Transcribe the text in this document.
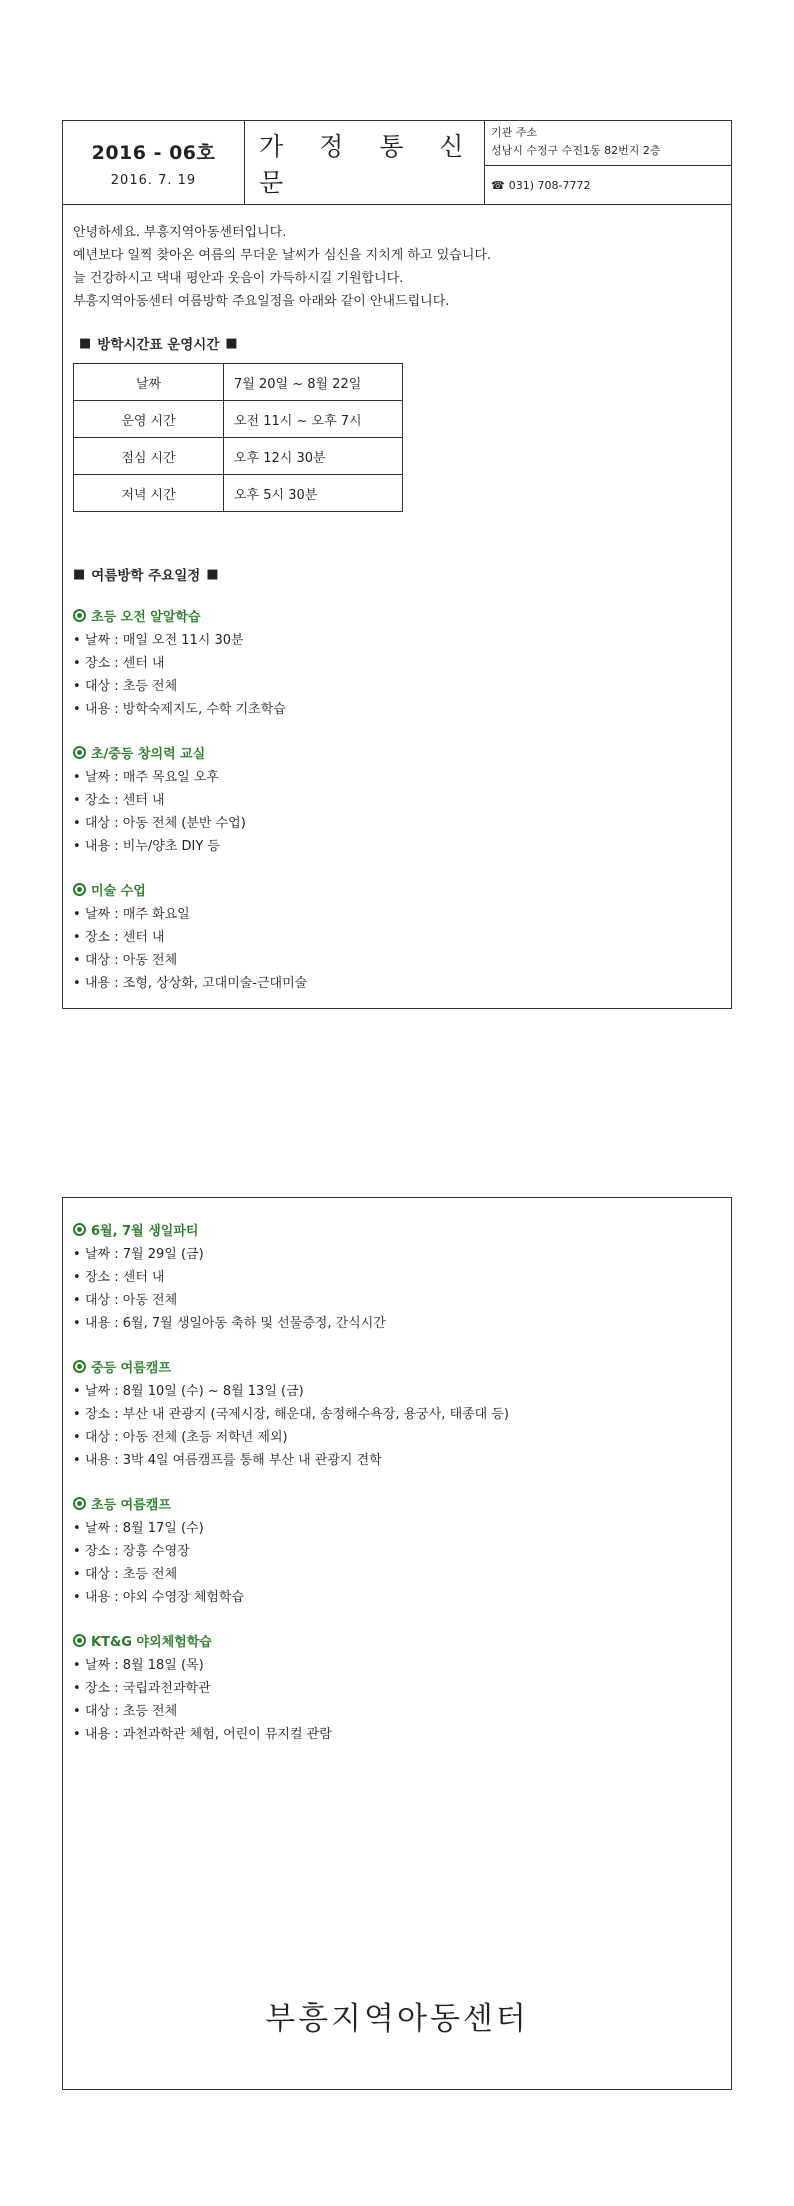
2016 - 06호
2016. 7. 19
가 정 통 신 문
기관 주소
성남시 수정구 수진1동 82번지 2층
☎ 031) 708-7772

안녕하세요. 부흥지역아동센터입니다.

예년보다 일찍 찾아온 여름의 무더운 날씨가 심신을 지치게 하고 있습니다.

늘 건강하시고 댁내 평안과 웃음이 가득하시길 기원합니다.

부흥지역아동센터 여름방학 주요일정을 아래와 같이 안내드립니다.

■ 방학시간표 운영시간 ■
날짜	7월 20일 ~ 8월 22일
운영 시간	오전 11시 ~ 오후 7시
점심 시간	오후 12시 30분
저녁 시간	오후 5시 30분
■ 여름방학 주요일정 ■
초등 오전 알알학습
• 날짜 : 매일 오전 11시 30분
• 장소 : 센터 내
• 대상 : 초등 전체
• 내용 : 방학숙제지도, 수학 기초학습
초/중등 창의력 교실
• 날짜 : 매주 목요일 오후
• 장소 : 센터 내
• 대상 : 아동 전체 (분반 수업)
• 내용 : 비누/양초 DIY 등
미술 수업
• 날짜 : 매주 화요일
• 장소 : 센터 내
• 대상 : 아동 전체
• 내용 : 조형, 상상화, 고대미술-근대미술
6월, 7월 생일파티
• 날짜 : 7월 29일 (금)
• 장소 : 센터 내
• 대상 : 아동 전체
• 내용 : 6월, 7월 생일아동 축하 및 선물증정, 간식시간
중등 여름캠프
• 날짜 : 8월 10일 (수) ~ 8월 13일 (금)
• 장소 : 부산 내 관광지 (국제시장, 해운대, 송정해수욕장, 용궁사, 태종대 등)
• 대상 : 아동 전체 (초등 저학년 제외)
• 내용 : 3박 4일 여름캠프를 통해 부산 내 관광지 견학
초등 여름캠프
• 날짜 : 8월 17일 (수)
• 장소 : 장흥 수영장
• 대상 : 초등 전체
• 내용 : 야외 수영장 체험학습
KT&G 야외체험학습
• 날짜 : 8월 18일 (목)
• 장소 : 국립과천과학관
• 대상 : 초등 전체
• 내용 : 과천과학관 체험, 어린이 뮤지컬 관람
부흥지역아동센터
